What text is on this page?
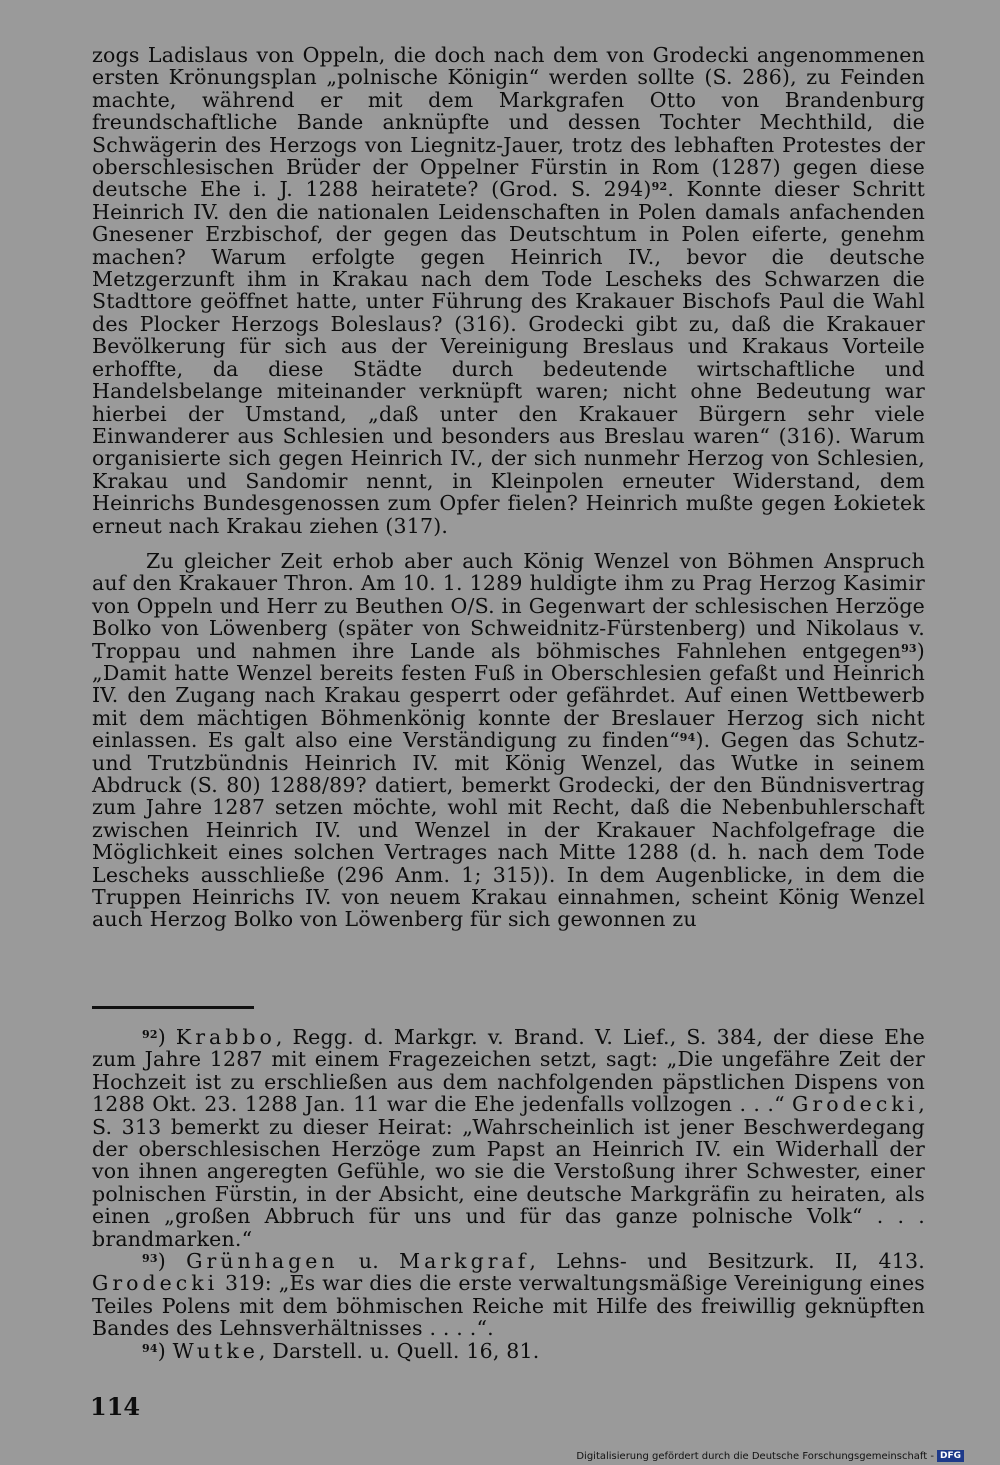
zogs Ladislaus von Oppeln, die doch nach dem von Grodecki angenommenen ersten Krönungsplan „polnische Königin“ werden sollte (S. 286), zu Feinden machte, während er mit dem Markgrafen Otto von Brandenburg freundschaftliche Bande anknüpfte und dessen Tochter Mechthild, die Schwägerin des Herzogs von Liegnitz-Jauer, trotz des lebhaften Protestes der oberschlesischen Brüder der Oppelner Fürstin in Rom (1287) gegen diese deutsche Ehe i. J. 1288 heiratete? (Grod. S. 294)$^{92}$. Konnte dieser Schritt Heinrich IV. den die nationalen Leidenschaften in Polen damals anfachenden Gnesener Erzbischof, der gegen das Deutschtum in Polen eiferte, genehm machen? Warum erfolgte gegen Heinrich IV., bevor die deutsche Metzgerzunft ihm in Krakau nach dem Tode Lescheks des Schwarzen die Stadttore geöffnet hatte, unter Führung des Krakauer Bischofs Paul die Wahl des Plocker Herzogs Boleslaus? (316). Grodecki gibt zu, daß die Krakauer Bevölkerung für sich aus der Vereinigung Breslaus und Krakaus Vorteile erhoffte, da diese Städte durch bedeutende wirtschaftliche und Handelsbelange miteinander verknüpft waren; nicht ohne Bedeutung war hierbei der Umstand, „daß unter den Krakauer Bürgern sehr viele Einwanderer aus Schlesien und besonders aus Breslau waren“ (316). Warum organisierte sich gegen Heinrich IV., der sich nunmehr Herzog von Schlesien, Krakau und Sandomir nennt, in Kleinpolen erneuter Widerstand, dem Heinrichs Bundesgenossen zum Opfer fielen? Heinrich mußte gegen Łokietek erneut nach Krakau ziehen (317).

Zu gleicher Zeit erhob aber auch König Wenzel von Böhmen Anspruch auf den Krakauer Thron. Am 10. 1. 1289 huldigte ihm zu Prag Herzog Kasimir von Oppeln und Herr zu Beuthen O/S. in Gegenwart der schlesischen Herzöge Bolko von Löwenberg (später von Schweidnitz-Fürstenberg) und Nikolaus v. Troppau und nahmen ihre Lande als böhmisches Fahnlehen entgegen$^{93}$) „Damit hatte Wenzel bereits festen Fuß in Oberschlesien gefaßt und Heinrich IV. den Zugang nach Krakau gesperrt oder gefährdet. Auf einen Wettbewerb mit dem mächtigen Böhmenkönig konnte der Breslauer Herzog sich nicht einlassen. Es galt also eine Verständigung zu finden“$^{94}$). Gegen das Schutz- und Trutzbündnis Heinrich IV. mit König Wenzel, das Wutke in seinem Abdruck (S. 80) 1288/89? datiert, bemerkt Grodecki, der den Bündnisvertrag zum Jahre 1287 setzen möchte, wohl mit Recht, daß die Nebenbuhlerschaft zwischen Heinrich IV. und Wenzel in der Krakauer Nachfolgefrage die Möglichkeit eines solchen Vertrages nach Mitte 1288 (d. h. nach dem Tode Lescheks ausschließe (296 Anm. 1; 315)). In dem Augenblicke, in dem die Truppen Heinrichs IV. von neuem Krakau einnahmen, scheint König Wenzel auch Herzog Bolko von Löwenberg für sich gewonnen zu

$^{92}$) Krabbo, Regg. d. Markgr. v. Brand. V. Lief., S. 384, der diese Ehe zum Jahre 1287 mit einem Fragezeichen setzt, sagt: „Die ungefähre Zeit der Hochzeit ist zu erschließen aus dem nachfolgenden päpstlichen Dispens von 1288 Okt. 23. 1288 Jan. 11 war die Ehe jedenfalls vollzogen . . .“ Grodecki, S. 313 bemerkt zu dieser Heirat: „Wahrscheinlich ist jener Beschwerdegang der oberschlesischen Herzöge zum Papst an Heinrich IV. ein Widerhall der von ihnen angeregten Gefühle, wo sie die Verstoßung ihrer Schwester, einer polnischen Fürstin, in der Absicht, eine deutsche Markgräfin zu heiraten, als einen „großen Abbruch für uns und für das ganze polnische Volk“ . . . brandmarken.“

$^{93}$) Grünhagen u. Markgraf, Lehns- und Besitzurk. II, 413. Grodecki 319: „Es war dies die erste verwaltungsmäßige Vereinigung eines Teiles Polens mit dem böhmischen Reiche mit Hilfe des freiwillig geknüpften Bandes des Lehnsverhältnisses . . . .“.

$^{94}$) Wutke, Darstell. u. Quell. 16, 81.

114
Digitalisierung gefördert durch die Deutsche Forschungsgemeinschaft - DFG
